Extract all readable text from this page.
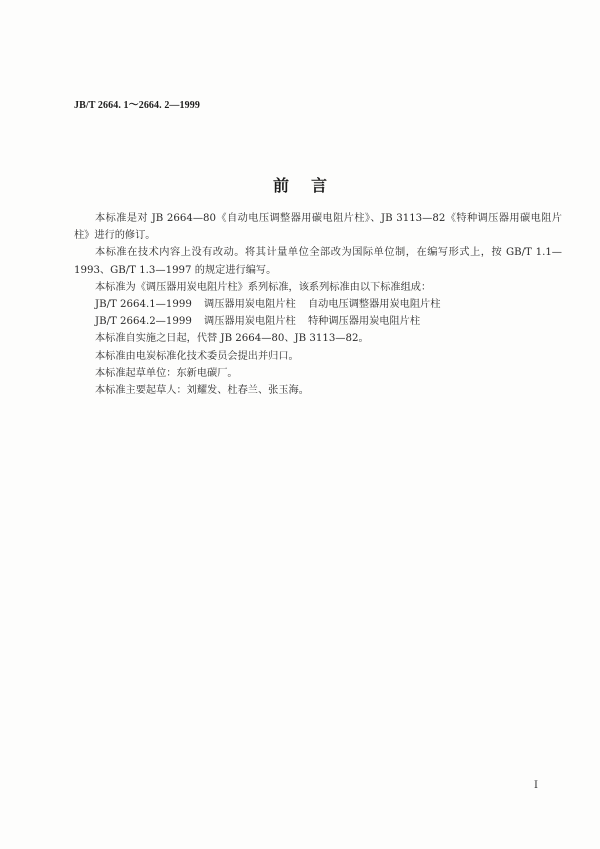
JB/T 2664. 1～2664. 2—1999
前言

本标准是对 JB 2664—80《自动电压调整器用碳电阻片柱》、JB 3113—82《特种调压器用碳电阻片柱》进行的修订。

本标准在技术内容上没有改动。将其计量单位全部改为国际单位制，在编写形式上，按 GB/T 1.1—1993、GB/T 1.3—1997 的规定进行编写。

本标准为《调压器用炭电阻片柱》系列标准，该系列标准由以下标准组成：

JB/T 2664.1—1999 调压器用炭电阻片柱 自动电压调整器用炭电阻片柱

JB/T 2664.2—1999 调压器用炭电阻片柱 特种调压器用炭电阻片柱

本标准自实施之日起，代替 JB 2664—80、JB 3113—82。

本标准由电炭标准化技术委员会提出并归口。

本标准起草单位：东新电碳厂。

本标准主要起草人：刘耀发、杜春兰、张玉海。

I
